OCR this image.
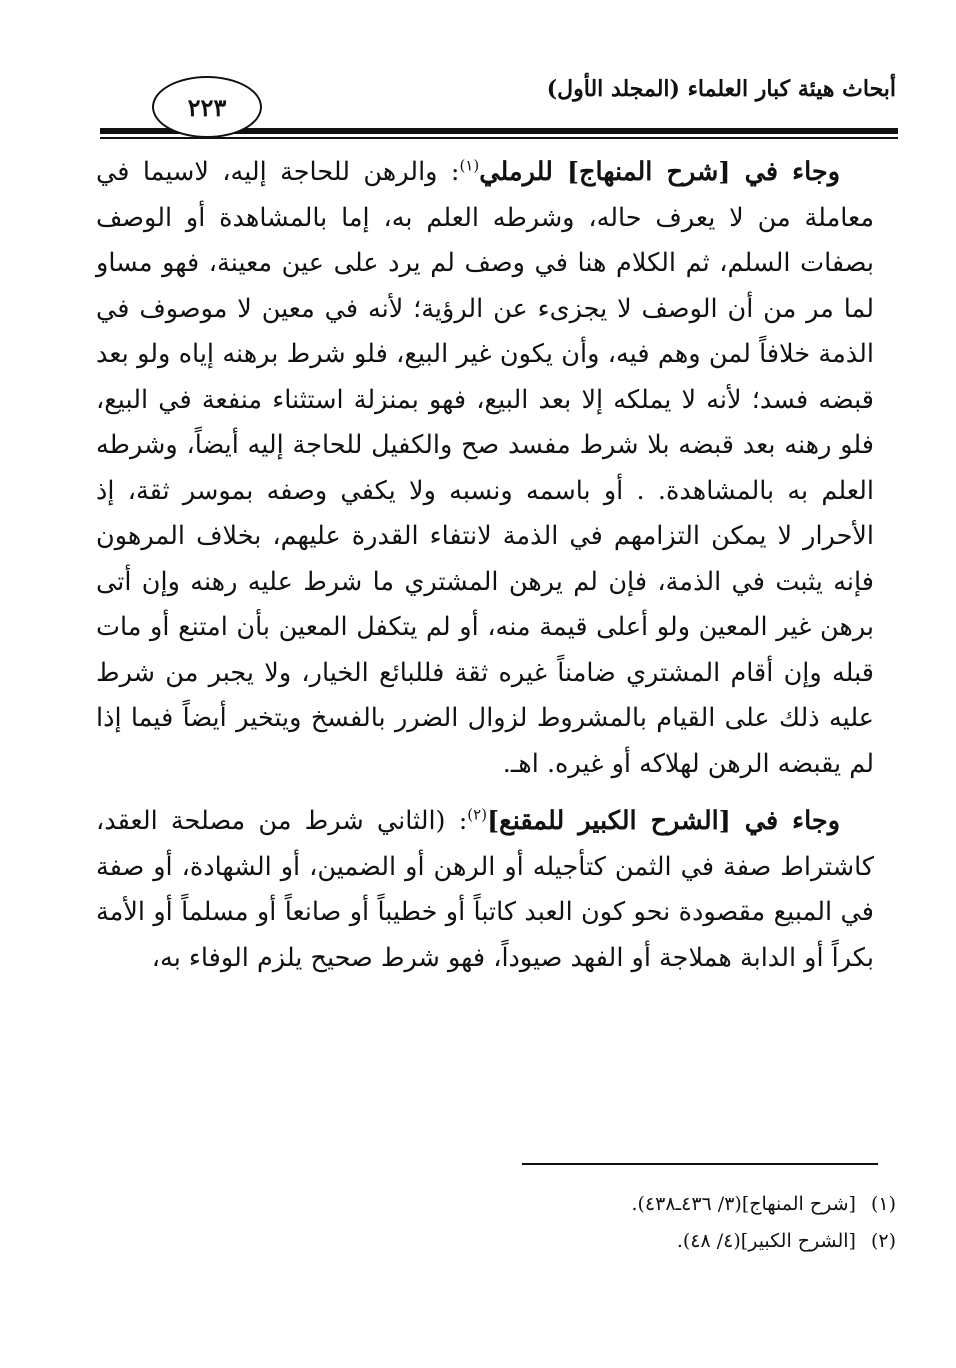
أبحاث هيئة كبار العلماء (المجلد الأول)
٢٢٣

وجاء في [شرح المنهاج] للرملي$^{(١)}$: والرهن للحاجة إليه، لاسيما في معاملة من لا يعرف حاله، وشرطه العلم به، إما بالمشاهدة أو الوصف بصفات السلم، ثم الكلام هنا في وصف لم يرد على عين معينة، فهو مساو لما مر من أن الوصف لا يجزىء عن الرؤية؛ لأنه في معين لا موصوف في الذمة خلافاً لمن وهم فيه، وأن يكون غير البيع، فلو شرط برهنه إياه ولو بعد قبضه فسد؛ لأنه لا يملكه إلا بعد البيع، فهو بمنزلة استثناء منفعة في البيع، فلو رهنه بعد قبضه بلا شرط مفسد صح والكفيل للحاجة إليه أيضاً، وشرطه العلم به بالمشاهدة. . أو باسمه ونسبه ولا يكفي وصفه بموسر ثقة، إذ الأحرار لا يمكن التزامهم في الذمة لانتفاء القدرة عليهم، بخلاف المرهون فإنه يثبت في الذمة، فإن لم يرهن المشتري ما شرط عليه رهنه وإن أتى برهن غير المعين ولو أعلى قيمة منه، أو لم يتكفل المعين بأن امتنع أو مات قبله وإن أقام المشتري ضامناً غيره ثقة فللبائع الخيار، ولا يجبر من شرط عليه ذلك على القيام بالمشروط لزوال الضرر بالفسخ ويتخير أيضاً فيما إذا لم يقبضه الرهن لهلاكه أو غيره. اهـ.

وجاء في [الشرح الكبير للمقنع]$^{(٢)}$: (الثاني شرط من مصلحة العقد، كاشتراط صفة في الثمن كتأجيله أو الرهن أو الضمين، أو الشهادة، أو صفة في المبيع مقصودة نحو كون العبد كاتباً أو خطيباً أو صانعاً أو مسلماً أو الأمة بكراً أو الدابة هملاجة أو الفهد صيوداً، فهو شرط صحيح يلزم الوفاء به،

(١) [شرح المنهاج](٣/ ٤٣٦ـ٤٣٨).
(٢) [الشرح الكبير](٤/ ٤٨).
